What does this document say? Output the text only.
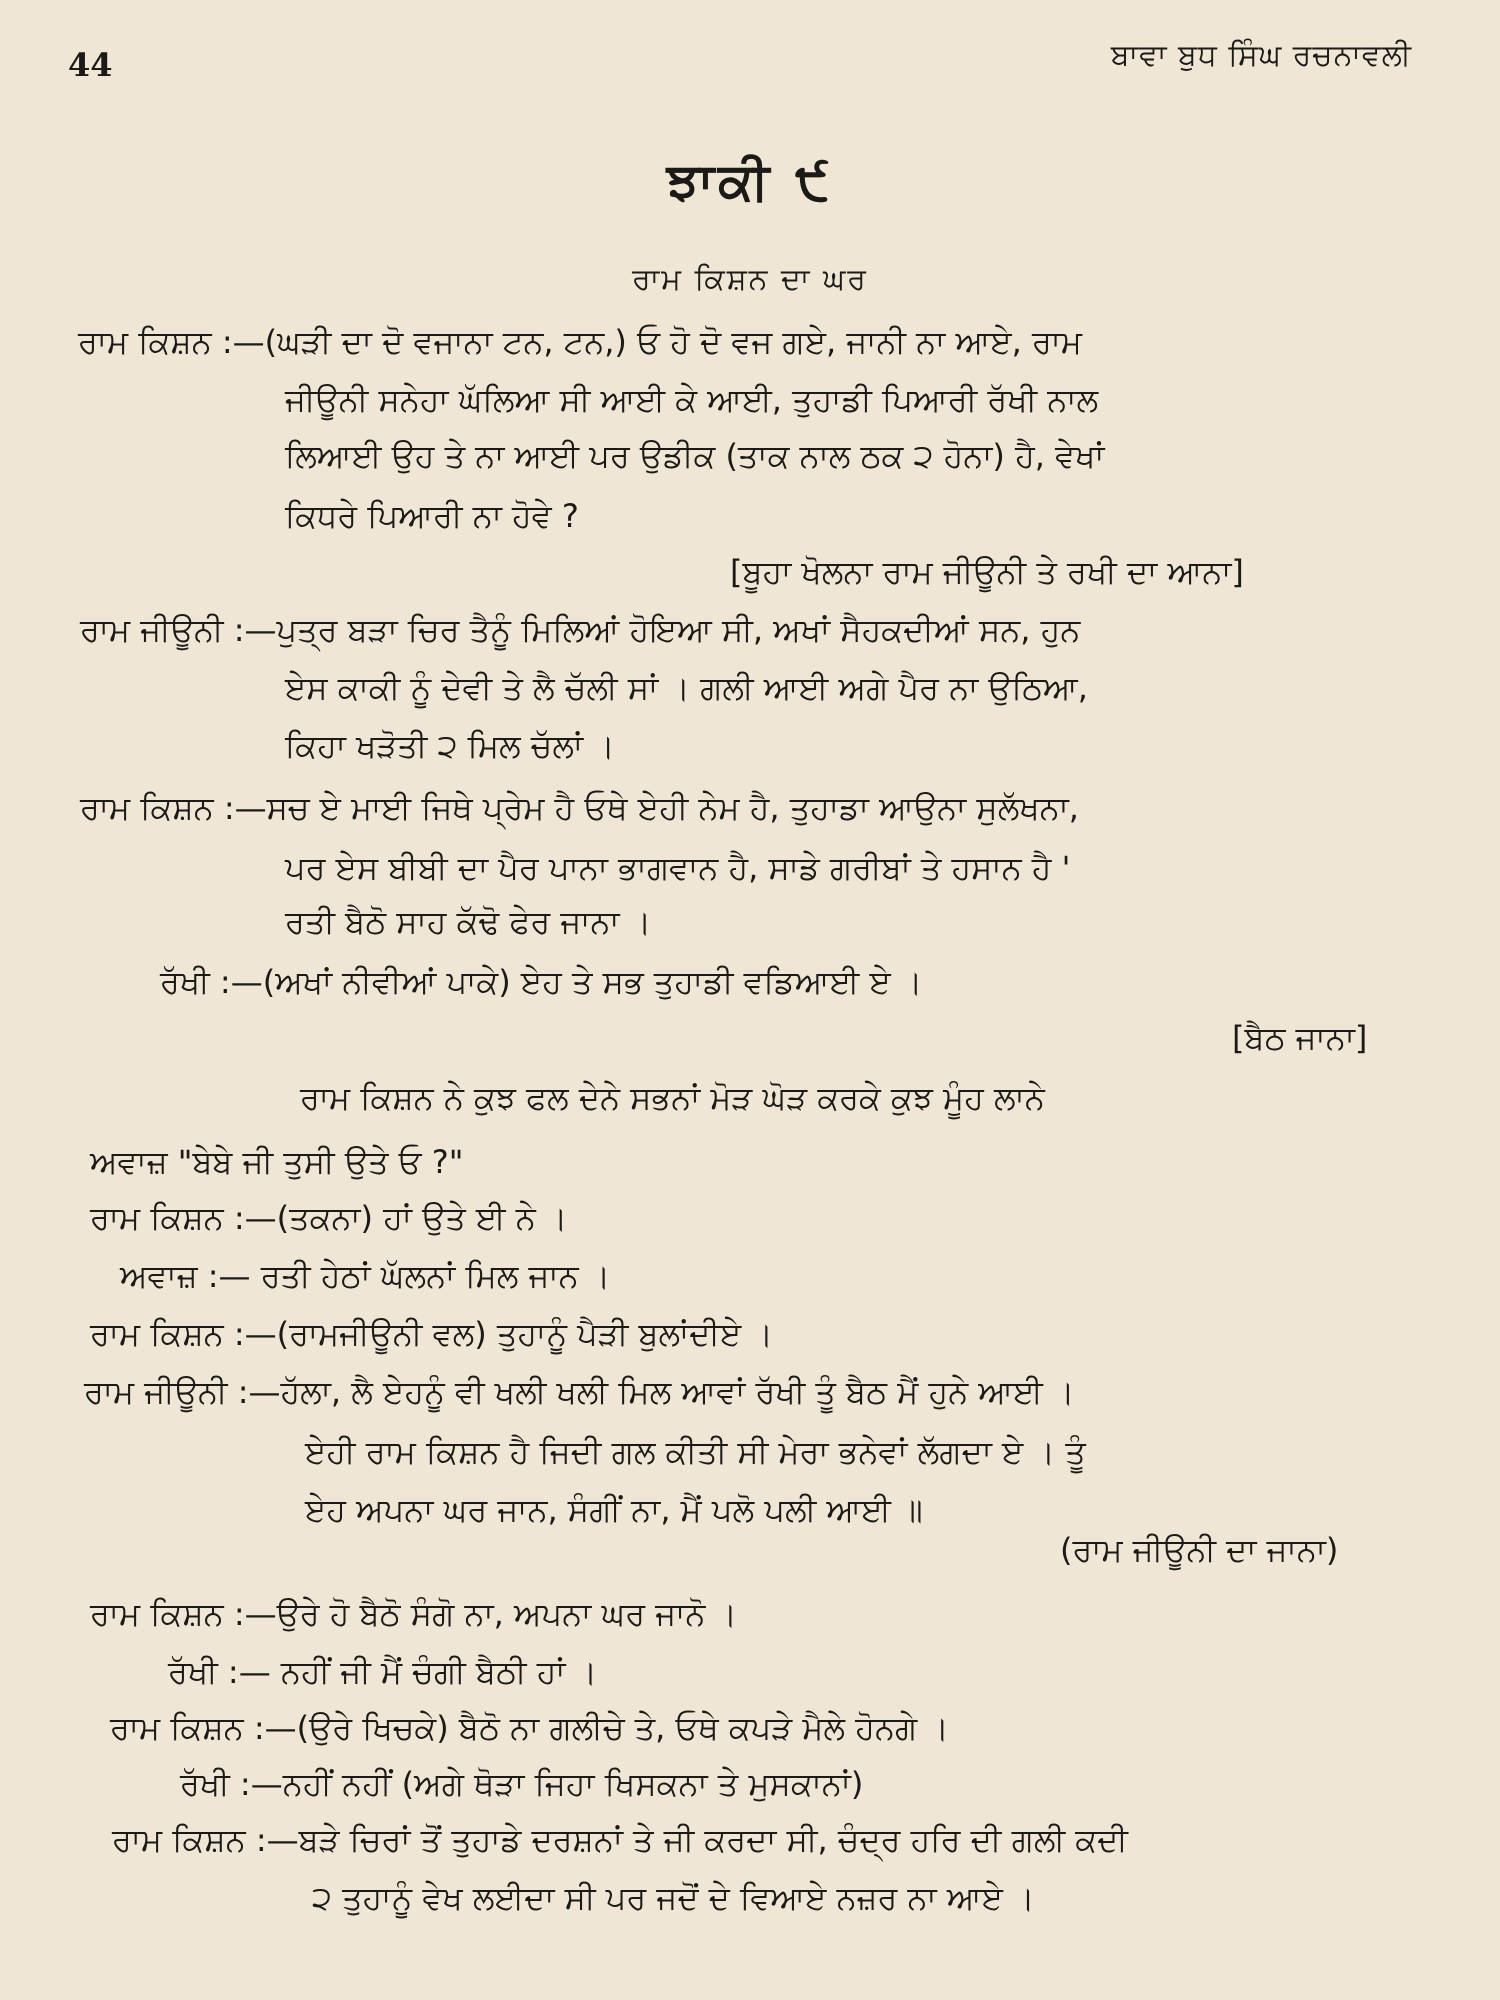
44	ਬਾਵਾ ਬੁਧ ਸਿੰਘ ਰਚਨਾਵਲੀ
ਝਾਕੀ ੯
ਰਾਮ ਕਿਸ਼ਨ ਦਾ ਘਰ
ਰਾਮ ਕਿਸ਼ਨ :—(ਘੜੀ ਦਾ ਦੋ ਵਜਾਨਾ ਟਨ, ਟਨ,) ਓ ਹੋ ਦੋ ਵਜ ਗਏ, ਜਾਨੀ ਨਾ ਆਏ, ਰਾਮ
ਜੀਊਨੀ ਸਨੇਹਾ ਘੱਲਿਆ ਸੀ ਆਈ ਕੇ ਆਈ, ਤੁਹਾਡੀ ਪਿਆਰੀ ਰੱਖੀ ਨਾਲ
ਲਿਆਈ ਉਹ ਤੇ ਨਾ ਆਈ ਪਰ ਉਡੀਕ (ਤਾਕ ਨਾਲ ਠਕ ੨ ਹੋਨਾ) ਹੈ, ਵੇਖਾਂ
ਕਿਧਰੇ ਪਿਆਰੀ ਨਾ ਹੋਵੇ ?
[ਬੂਹਾ ਖੋਲਨਾ ਰਾਮ ਜੀਊਨੀ ਤੇ ਰਖੀ ਦਾ ਆਨਾ]
ਰਾਮ ਜੀਊਨੀ :—ਪੁਤ੍ਰ ਬੜਾ ਚਿਰ ਤੈਨੂੰ ਮਿਲਿਆਂ ਹੋਇਆ ਸੀ, ਅਖਾਂ ਸੈਹਕਦੀਆਂ ਸਨ, ਹੁਨ
ਏਸ ਕਾਕੀ ਨੂੰ ਦੇਵੀ ਤੇ ਲੈ ਚੱਲੀ ਸਾਂ । ਗਲੀ ਆਈ ਅਗੇ ਪੈਰ ਨਾ ਉਠਿਆ,
ਕਿਹਾ ਖੜੋਤੀ ੨ ਮਿਲ ਚੱਲਾਂ ।
ਰਾਮ ਕਿਸ਼ਨ :—ਸਚ ਏ ਮਾਈ ਜਿਥੇ ਪ੍ਰੇਮ ਹੈ ਓਥੇ ਏਹੀ ਨੇਮ ਹੈ, ਤੁਹਾਡਾ ਆਉਨਾ ਸੁਲੱਖਨਾ,
ਪਰ ਏਸ ਬੀਬੀ ਦਾ ਪੈਰ ਪਾਨਾ ਭਾਗਵਾਨ ਹੈ, ਸਾਡੇ ਗਰੀਬਾਂ ਤੇ ਹਸਾਨ ਹੈ '
ਰਤੀ ਬੈਠੋ ਸਾਹ ਕੱਢੋ ਫੇਰ ਜਾਨਾ ।
ਰੱਖੀ :—(ਅਖਾਂ ਨੀਵੀਆਂ ਪਾਕੇ) ਏਹ ਤੇ ਸਭ ਤੁਹਾਡੀ ਵਡਿਆਈ ਏ ।
[ਬੈਠ ਜਾਨਾ]
ਰਾਮ ਕਿਸ਼ਨ ਨੇ ਕੁਝ ਫਲ ਦੇਨੇ ਸਭਨਾਂ ਮੋੜ ਘੋੜ ਕਰਕੇ ਕੁਝ ਮੂੰਹ ਲਾਨੇ
ਅਵਾਜ਼ "ਬੇਬੇ ਜੀ ਤੁਸੀ ਉਤੇ ਓ ?"
ਰਾਮ ਕਿਸ਼ਨ :—(ਤਕਨਾ) ਹਾਂ ਉਤੇ ਈ ਨੇ ।
ਅਵਾਜ਼ :— ਰਤੀ ਹੇਠਾਂ ਘੱਲਨਾਂ ਮਿਲ ਜਾਨ ।
ਰਾਮ ਕਿਸ਼ਨ :—(ਰਾਮਜੀਊਨੀ ਵਲ) ਤੁਹਾਨੂੰ ਪੈੜੀ ਬੁਲਾਂਦੀਏ ।
ਰਾਮ ਜੀਊਨੀ :—ਹੱਲਾ, ਲੈ ਏਹਨੂੰ ਵੀ ਖਲੀ ਖਲੀ ਮਿਲ ਆਵਾਂ ਰੱਖੀ ਤੂੰ ਬੈਠ ਮੈਂ ਹੁਨੇ ਆਈ ।
ਏਹੀ ਰਾਮ ਕਿਸ਼ਨ ਹੈ ਜਿਦੀ ਗਲ ਕੀਤੀ ਸੀ ਮੇਰਾ ਭਨੇਵਾਂ ਲੱਗਦਾ ਏ । ਤੂੰ
ਏਹ ਅਪਨਾ ਘਰ ਜਾਨ, ਸੰਗੀਂ ਨਾ, ਮੈਂ ਪਲੋ ਪਲੀ ਆਈ ॥
(ਰਾਮ ਜੀਊਨੀ ਦਾ ਜਾਨਾ)
ਰਾਮ ਕਿਸ਼ਨ :—ਉਰੇ ਹੋ ਬੈਠੋ ਸੰਗੋ ਨਾ, ਅਪਨਾ ਘਰ ਜਾਨੋ ।
ਰੱਖੀ :— ਨਹੀਂ ਜੀ ਮੈਂ ਚੰਗੀ ਬੈਠੀ ਹਾਂ ।
ਰਾਮ ਕਿਸ਼ਨ :—(ਉਰੇ ਖਿਚਕੇ) ਬੈਠੋ ਨਾ ਗਲੀਚੇ ਤੇ, ਓਥੇ ਕਪੜੇ ਮੈਲੇ ਹੋਨਗੇ ।
ਰੱਖੀ :—ਨਹੀਂ ਨਹੀਂ (ਅਗੇ ਥੋੜਾ ਜਿਹਾ ਖਿਸਕਨਾ ਤੇ ਮੁਸਕਾਨਾਂ)
ਰਾਮ ਕਿਸ਼ਨ :—ਬੜੇ ਚਿਰਾਂ ਤੋਂ ਤੁਹਾਡੇ ਦਰਸ਼ਨਾਂ ਤੇ ਜੀ ਕਰਦਾ ਸੀ, ਚੰਦ੍ਰ ਹਰਿ ਦੀ ਗਲੀ ਕਦੀ
੨ ਤੁਹਾਨੂੰ ਵੇਖ ਲਈਦਾ ਸੀ ਪਰ ਜਦੋਂ ਦੇ ਵਿਆਏ ਨਜ਼ਰ ਨਾ ਆਏ ।
